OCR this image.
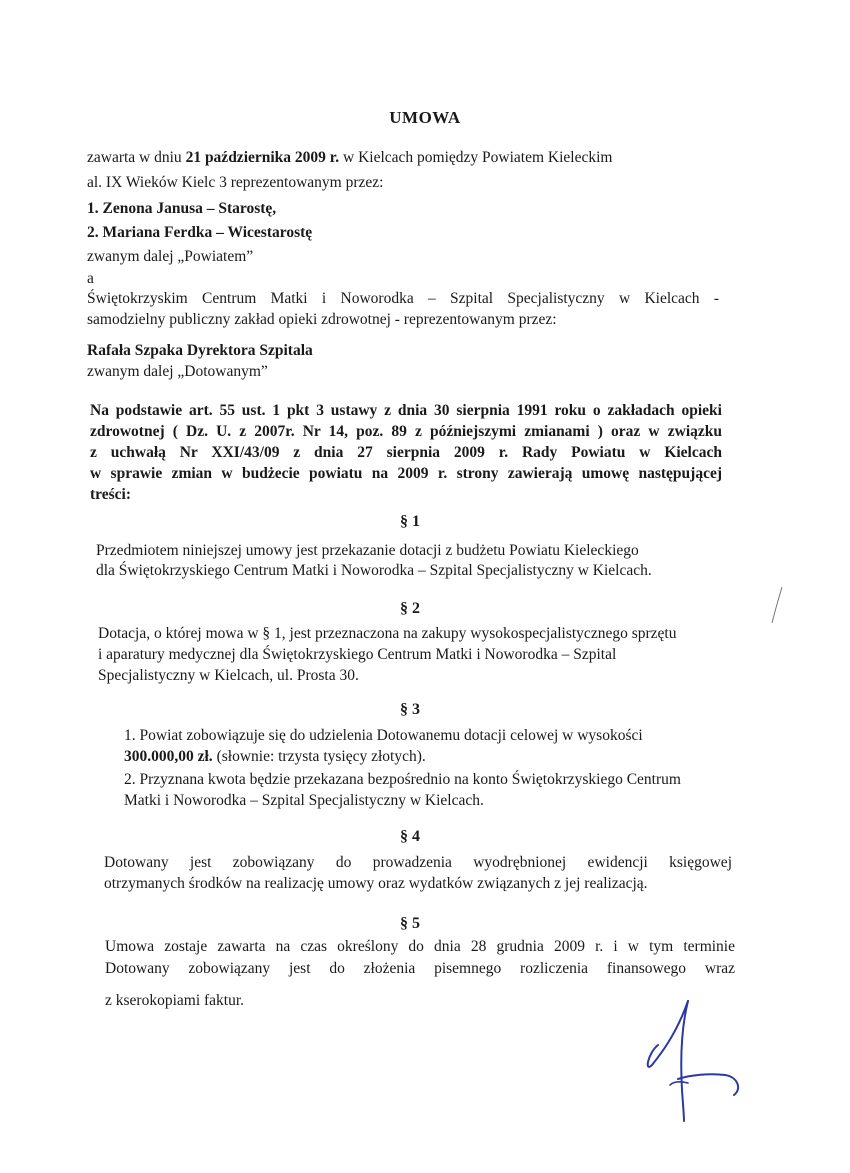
UMOWA
zawarta w dniu 21 października 2009 r. w Kielcach pomiędzy Powiatem Kieleckim
al. IX Wieków Kielc 3 reprezentowanym przez:
1. Zenona Janusa – Starostę,
2. Mariana Ferdka – Wicestarostę
zwanym dalej „Powiatem”
a
Świętokrzyskim Centrum Matki i Noworodka – Szpital Specjalistyczny w Kielcach -
samodzielny publiczny zakład opieki zdrowotnej - reprezentowanym przez:
Rafała Szpaka Dyrektora Szpitala
zwanym dalej „Dotowanym”
Na podstawie art. 55 ust. 1 pkt 3 ustawy z dnia 30 sierpnia 1991 roku o zakładach opieki
zdrowotnej ( Dz. U. z 2007r. Nr 14, poz. 89 z późniejszymi zmianami ) oraz w związku
z uchwałą Nr XXI/43/09 z dnia 27 sierpnia 2009 r. Rady Powiatu w Kielcach
w sprawie zmian w budżecie powiatu na 2009 r. strony zawierają umowę następującej
treści:
§ 1
Przedmiotem niniejszej umowy jest przekazanie dotacji z budżetu Powiatu Kieleckiego
dla Świętokrzyskiego Centrum Matki i Noworodka – Szpital Specjalistyczny w Kielcach.
§ 2
Dotacja, o której mowa w § 1, jest przeznaczona na zakupy wysokospecjalistycznego sprzętu
i aparatury medycznej dla Świętokrzyskiego Centrum Matki i Noworodka – Szpital
Specjalistyczny w Kielcach, ul. Prosta 30.
§ 3
1. Powiat zobowiązuje się do udzielenia Dotowanemu dotacji celowej w wysokości
300.000,00 zł. (słownie: trzysta tysięcy złotych).
2. Przyznana kwota będzie przekazana bezpośrednio na konto Świętokrzyskiego Centrum
Matki i Noworodka – Szpital Specjalistyczny w Kielcach.
§ 4
Dotowany jest zobowiązany do prowadzenia wyodrębnionej ewidencji księgowej
otrzymanych środków na realizację umowy oraz wydatków związanych z jej realizacją.
§ 5
Umowa zostaje zawarta na czas określony do dnia 28 grudnia 2009 r. i w tym terminie
Dotowany zobowiązany jest do złożenia pisemnego rozliczenia finansowego wraz
z kserokopiami faktur.
